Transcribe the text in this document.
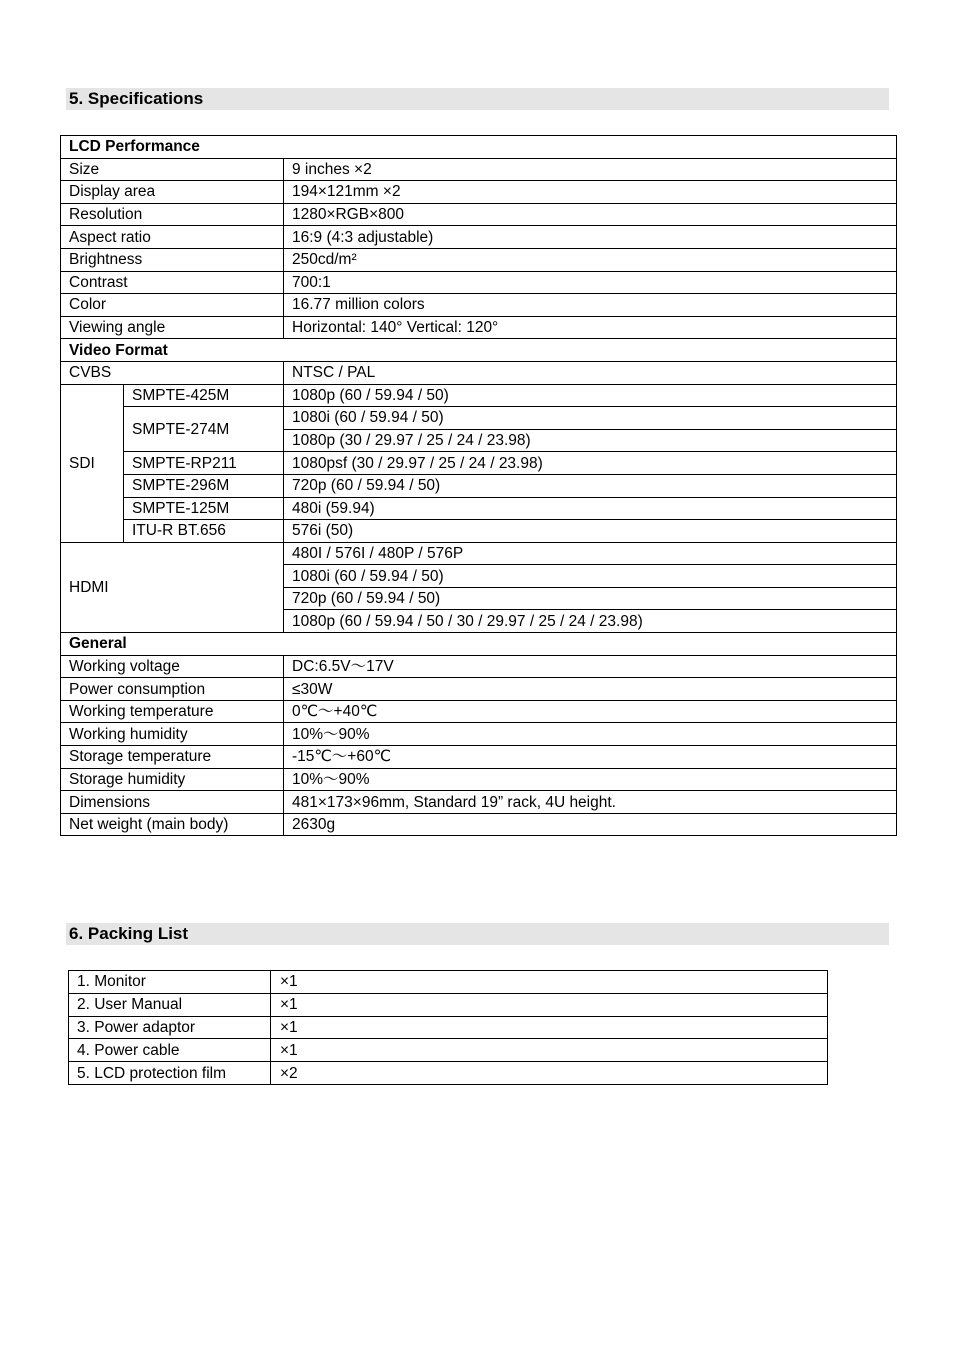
5. Specifications
LCD Performance		
Size		9 inches ×2
Display area		194×121mm ×2
Resolution		1280×RGB×800
Aspect ratio		16:9 (4:3 adjustable)
Brightness		250cd/m²
Contrast		700:1
Color		16.77 million colors
Viewing angle		Horizontal: 140° Vertical: 120°
Video Format		
CVBS		NTSC / PAL
SDI	SMPTE-425M	1080p (60 / 59.94 / 50)
	SMPTE-274M	1080i (60 / 59.94 / 50)
		1080p (30 / 29.97 / 25 / 24 / 23.98)
	SMPTE-RP211	1080psf (30 / 29.97 / 25 / 24 / 23.98)
	SMPTE-296M	720p (60 / 59.94 / 50)
	SMPTE-125M	480i (59.94)
	ITU-R BT.656	576i (50)
HDMI		480I / 576I / 480P / 576P
		1080i (60 / 59.94 / 50)
		720p (60 / 59.94 / 50)
		1080p (60 / 59.94 / 50 / 30 / 29.97 / 25 / 24 / 23.98)
General		
Working voltage		DC:6.5V～17V
Power consumption		≤30W
Working temperature		0℃～+40℃
Working humidity		10%～90%
Storage temperature		-15℃～+60℃
Storage humidity		10%～90%
Dimensions		481×173×96mm, Standard 19” rack, 4U height.
Net weight (main body)		2630g
6. Packing List
1. Monitor	×1
2. User Manual	×1
3. Power adaptor	×1
4. Power cable	×1
5. LCD protection film	×2
